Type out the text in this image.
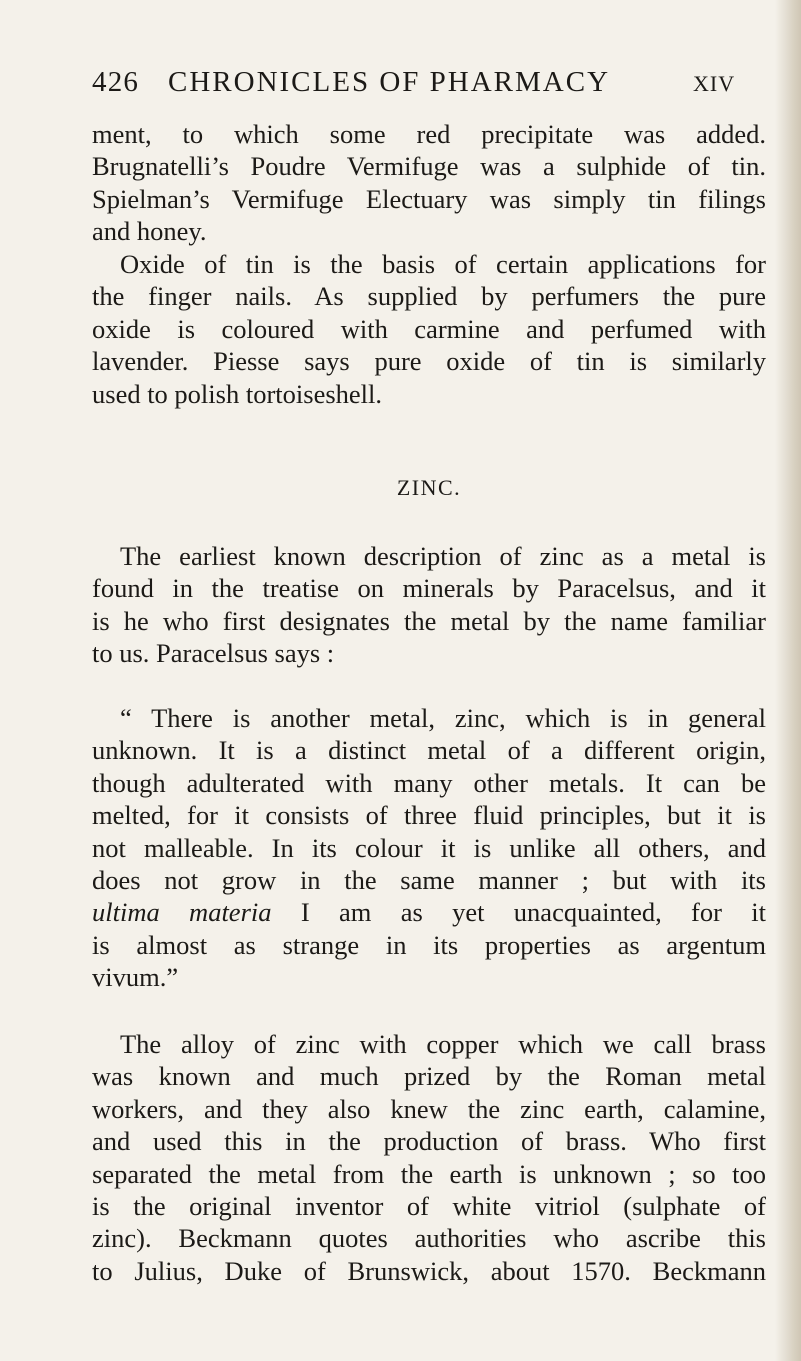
426 CHRONICLES OF PHARMACY	XIV
ment, to which some red precipitate was added.
Brugnatelli’s Poudre Vermifuge was a sulphide of tin.
Spielman’s Vermifuge Electuary was simply tin filings
and honey.
Oxide of tin is the basis of certain applications for
the finger nails. As supplied by perfumers the pure
oxide is coloured with carmine and perfumed with
lavender. Piesse says pure oxide of tin is similarly
used to polish tortoiseshell.
ZINC.
The earliest known description of zinc as a metal is
found in the treatise on minerals by Paracelsus, and it
is he who first designates the metal by the name familiar
to us. Paracelsus says :
“ There is another metal, zinc, which is in general
unknown. It is a distinct metal of a different origin,
though adulterated with many other metals. It can be
melted, for it consists of three fluid principles, but it is
not malleable. In its colour it is unlike all others, and
does not grow in the same manner ; but with its
ultima materia I am as yet unacquainted, for it
is almost as strange in its properties as argentum
vivum.”
The alloy of zinc with copper which we call brass
was known and much prized by the Roman metal
workers, and they also knew the zinc earth, calamine,
and used this in the production of brass. Who first
separated the metal from the earth is unknown ; so too
is the original inventor of white vitriol (sulphate of
zinc). Beckmann quotes authorities who ascribe this
to Julius, Duke of Brunswick, about 1570. Beckmann
